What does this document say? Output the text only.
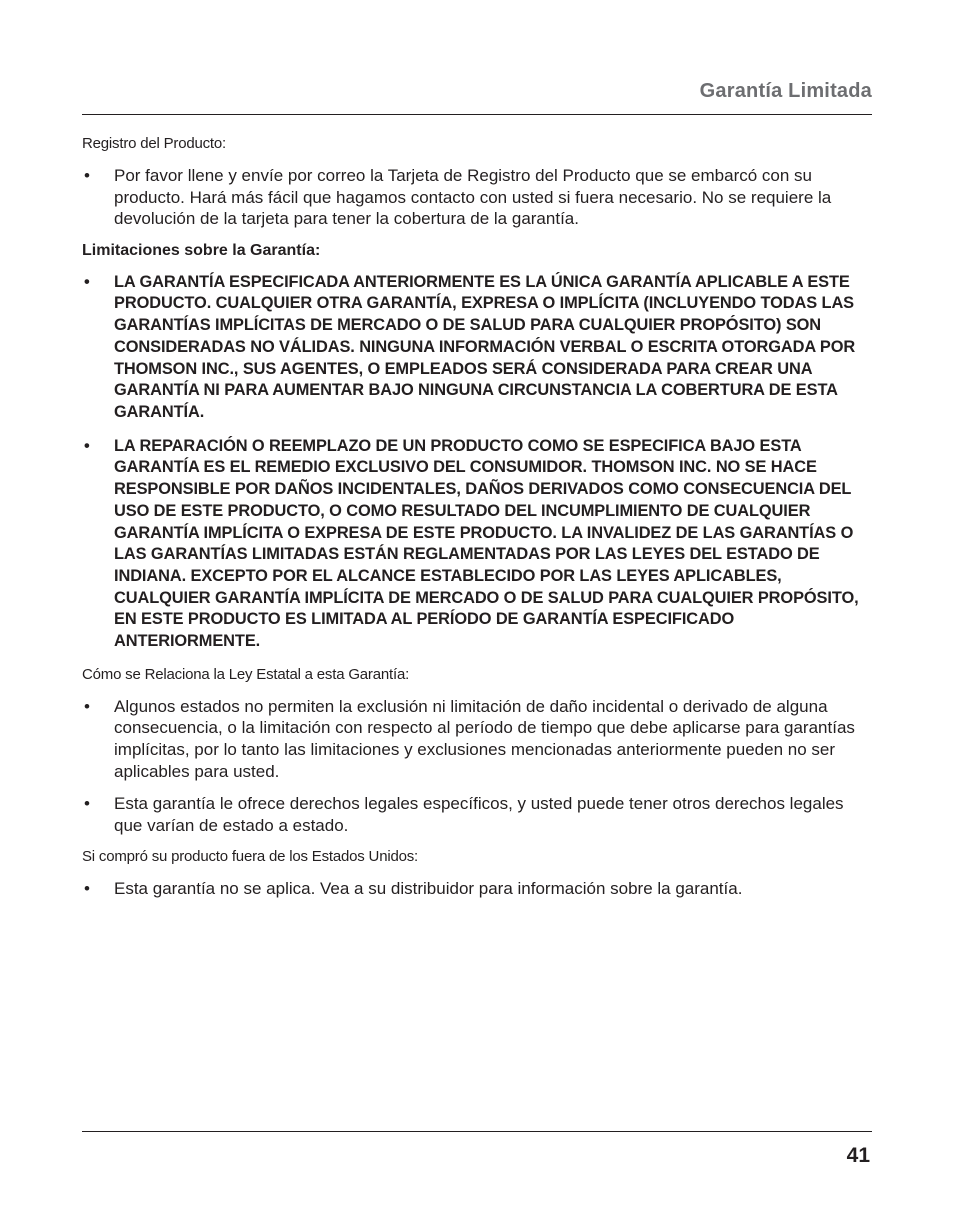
Garantía Limitada
Registro del Producto:
• Por favor llene y envíe por correo la Tarjeta de Registro del Producto que se embarcó con su producto. Hará más fácil que hagamos contacto con usted si fuera necesario. No se requiere la devolución de la tarjeta para tener la cobertura de la garantía.
Limitaciones sobre la Garantía:
• LA GARANTÍA ESPECIFICADA ANTERIORMENTE ES LA ÚNICA GARANTÍA APLICABLE A ESTE PRODUCTO. CUALQUIER OTRA GARANTÍA, EXPRESA O IMPLÍCITA (INCLUYENDO TODAS LAS GARANTÍAS IMPLÍCITAS DE MERCADO O DE SALUD PARA CUALQUIER PROPÓSITO) SON CONSIDERADAS NO VÁLIDAS. NINGUNA INFORMACIÓN VERBAL O ESCRITA OTORGADA POR THOMSON INC., SUS AGENTES, O EMPLEADOS SERÁ CONSIDERADA PARA CREAR UNA GARANTÍA NI PARA AUMENTAR BAJO NINGUNA CIRCUNSTANCIA LA COBERTURA DE ESTA GARANTÍA.
• LA REPARACIÓN O REEMPLAZO DE UN PRODUCTO COMO SE ESPECIFICA BAJO ESTA GARANTÍA ES EL REMEDIO EXCLUSIVO DEL CONSUMIDOR. THOMSON INC. NO SE HACE RESPONSIBLE POR DAÑOS INCIDENTALES, DAÑOS DERIVADOS COMO CONSECUENCIA DEL USO DE ESTE PRODUCTO, O COMO RESULTADO DEL INCUMPLIMIENTO DE CUALQUIER GARANTÍA IMPLÍCITA O EXPRESA DE ESTE PRODUCTO. LA INVALIDEZ DE LAS GARANTÍAS O LAS GARANTÍAS LIMITADAS ESTÁN REGLAMENTADAS POR LAS LEYES DEL ESTADO DE INDIANA. EXCEPTO POR EL ALCANCE ESTABLECIDO POR LAS LEYES APLICABLES, CUALQUIER GARANTÍA IMPLÍCITA DE MERCADO O DE SALUD PARA CUALQUIER PROPÓSITO, EN ESTE PRODUCTO ES LIMITADA AL PERÍODO DE GARANTÍA ESPECIFICADO ANTERIORMENTE.
Cómo se Relaciona la Ley Estatal a esta Garantía:
• Algunos estados no permiten la exclusión ni limitación de daño incidental o derivado de alguna consecuencia, o la limitación con respecto al período de tiempo que debe aplicarse para garantías implícitas, por lo tanto las limitaciones y exclusiones mencionadas anteriormente pueden no ser aplicables para usted.
• Esta garantía le ofrece derechos legales específicos, y usted puede tener otros derechos legales que varían de estado a estado.
Si compró su producto fuera de los Estados Unidos:
• Esta garantía no se aplica. Vea a su distribuidor para información sobre la garantía.
41
